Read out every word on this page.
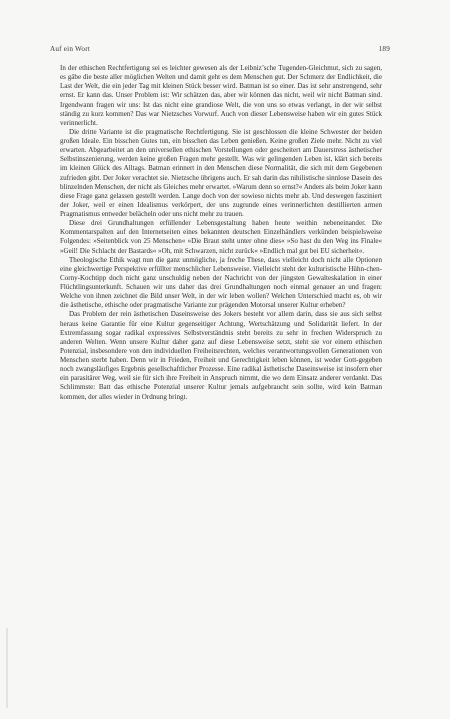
Auf ein Wort	189

In der ethischen Rechtfertigung sei es leichter gewesen als der Leibniz’sche Tugenden-Gleichmut, sich zu sagen, es gäbe die beste aller möglichen Welten und damit geht es dem Menschen gut. Der Schmerz der Endlichkeit, die Last der Welt, die ein jeder Tag mit kleinen Stück besser wird. Batman ist so einer. Das ist sehr anstrengend, sehr ernst. Er kann das. Unser Problem ist: Wir schätzen das, aber wir können das nicht, weil wir nicht Batman sind. Irgendwann fragen wir uns: Ist das nicht eine grandiose Welt, die von uns so etwas verlangt, in der wir selbst ständig zu kurz kommen? Das war Nietzsches Vorwurf. Auch von dieser Lebensweise haben wir ein gutes Stück verinnerlicht.

Die dritte Variante ist die pragmatische Rechtfertigung. Sie ist geschlossen die kleine Schwester der beiden großen Ideale. Ein bisschen Gutes tun, ein bisschen das Leben genießen. Keine großen Ziele mehr. Nicht zu viel erwarten. Abgearbeitet an den universellen ethischen Vorstellungen oder gescheitert am Dauerstress ästhetischer Selbstinszenierung, werden keine großen Fragen mehr gestellt. Was wir gelingenden Leben ist, klärt sich bereits im kleinen Glück des Alltags. Batman erinnert in den Menschen diese Normalität, die sich mit dem Gegebenen zufrieden gibt. Der Joker verachtet sie. Nietzsche übrigens auch. Er sah darin das nihilistische sinnlose Dasein des blinzelnden Menschen, der nicht als Gleiches mehr erwartet. »Warum denn so ernst?« Anders als beim Joker kann diese Frage ganz gelassen gestellt werden. Lange doch von der sowieso nichts mehr ab. Und deswegen fasziniert der Joker, weil er einen Idealismus verkörpert, der uns zugrunde eines verinnerlichten destillierten armen Pragmatismus entweder belächeln oder uns nicht mehr zu trauen.

Diese drei Grundhaltungen erfüllender Lebensgestaltung haben heute weithin nebeneinander. Die Kommentarspalten auf den Internetseiten eines bekannten deutschen Einzelhändlers verkünden beispielsweise Folgendes: »Seitenblick von 25 Menschen« »Die Braut steht unter ohne dies« »So hast du den Weg ins Finale« »Geil! Die Schlacht der Bastards« »Oh, mit Schwarzen, nicht zurück« »Endlich mal gut bei EU sicherheit«.

Theologische Ethik wagt nun die ganz unmögliche, ja freche These, dass vielleicht doch nicht alle Optionen eine gleichwertige Perspektive erfüllter menschlicher Lebensweise. Vielleicht steht der kulturistische Hühn-chen-Corny-Kochtipp doch nicht ganz unschuldig neben der Nachricht von der jüngsten Gewalteskalation in einer Flüchtlingsunterkunft. Schauen wir uns daher das drei Grundhaltungen noch einmal genauer an und fragen: Welche von ihnen zeichnet die Bild unser Welt, in der wir leben wollen? Welchen Unterschied macht es, ob wir die ästhetische, ethische oder pragmatische Variante zur prägenden Motorsal unserer Kultur erheben?

Das Problem der rein ästhetischen Daseinsweise des Jokers besteht vor allem darin, dass sie aus sich selbst heraus keine Garantie für eine Kultur gegenseitiger Achtung, Wertschätzung und Solidarität liefert. In der Extremfassung sogar radikal expressives Selbstverständnis steht bereits zu sehr in frechen Widerspruch zu anderen Welten. Wenn unsere Kultur daher ganz auf diese Lebensweise setzt, steht sie vor einem ethischen Potenzial, insbesondere von den individuellen Freiheitsrechten, welches verantwortungsvollen Generationen von Menschen sterbt haben. Denn wir in Frieden, Freiheit und Gerechtigkeit leben können, ist weder Gott-gegeben noch zwangsläufiges Ergebnis gesellschaftlicher Prozesse. Eine radikal ästhetische Daseinsweise ist insofern eher ein parasitärer Weg, weil sie für sich ihre Freiheit in Anspruch nimmt, die wo dem Einsatz anderer verdankt. Das Schlimmste: Batt das ethische Potenzial unserer Kultur jemals aufgebraucht sein sollte, wird kein Batman kommen, der alles wieder in Ordnung bringt.
